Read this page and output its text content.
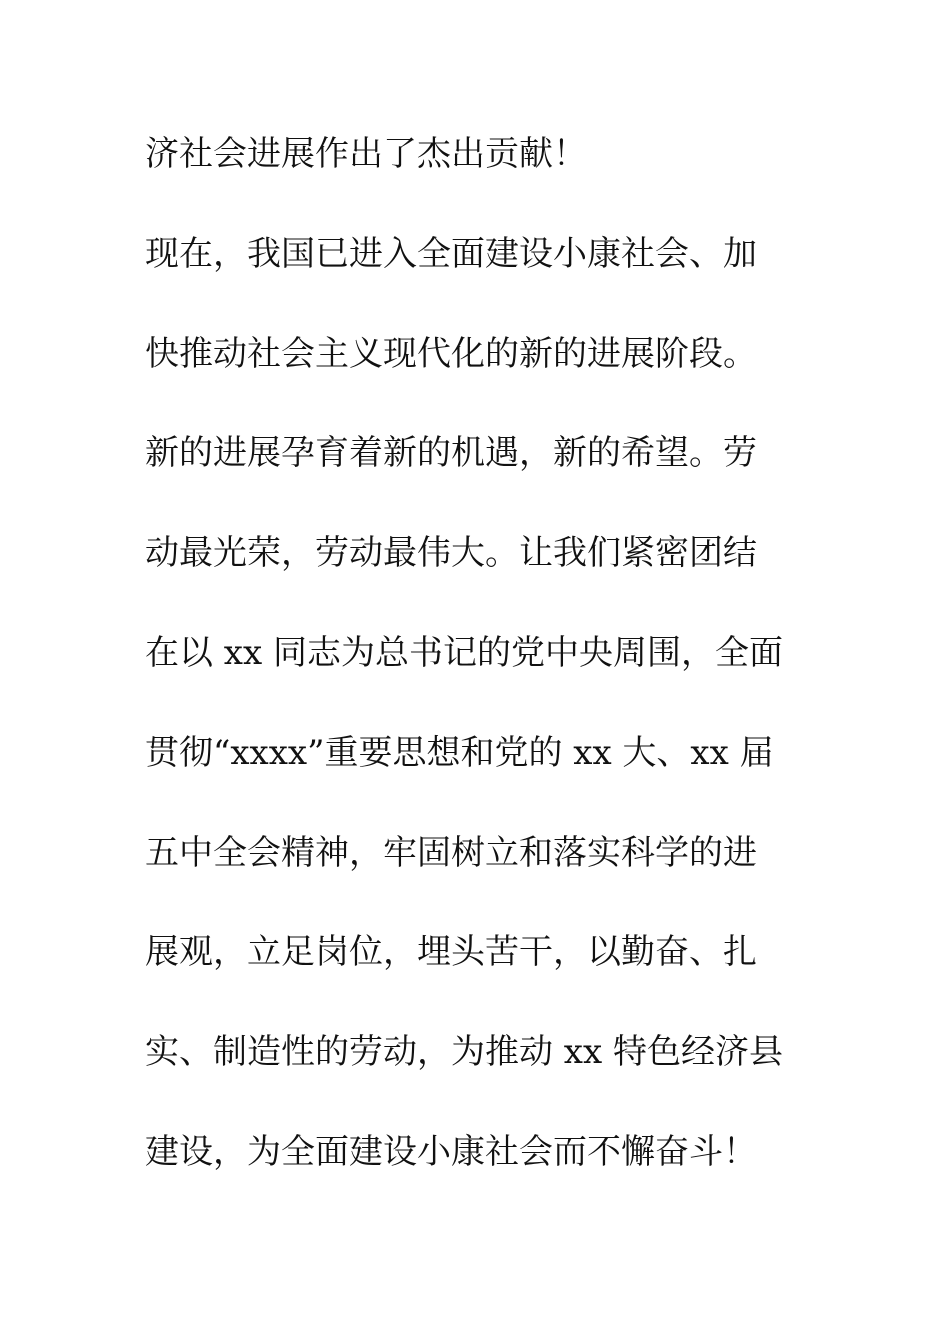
济社会进展作出了杰出贡献！
现在，我国已进入全面建设小康社会、加
快推动社会主义现代化的新的进展阶段。
新的进展孕育着新的机遇，新的希望。劳
动最光荣，劳动最伟大。让我们紧密团结
在以 xx 同志为总书记的党中央周围，全面
贯彻“xxxx”重要思想和党的 xx 大、xx 届
五中全会精神，牢固树立和落实科学的进
展观，立足岗位，埋头苦干，以勤奋、扎
实、制造性的劳动，为推动 xx 特色经济县
建设，为全面建设小康社会而不懈奋斗！
